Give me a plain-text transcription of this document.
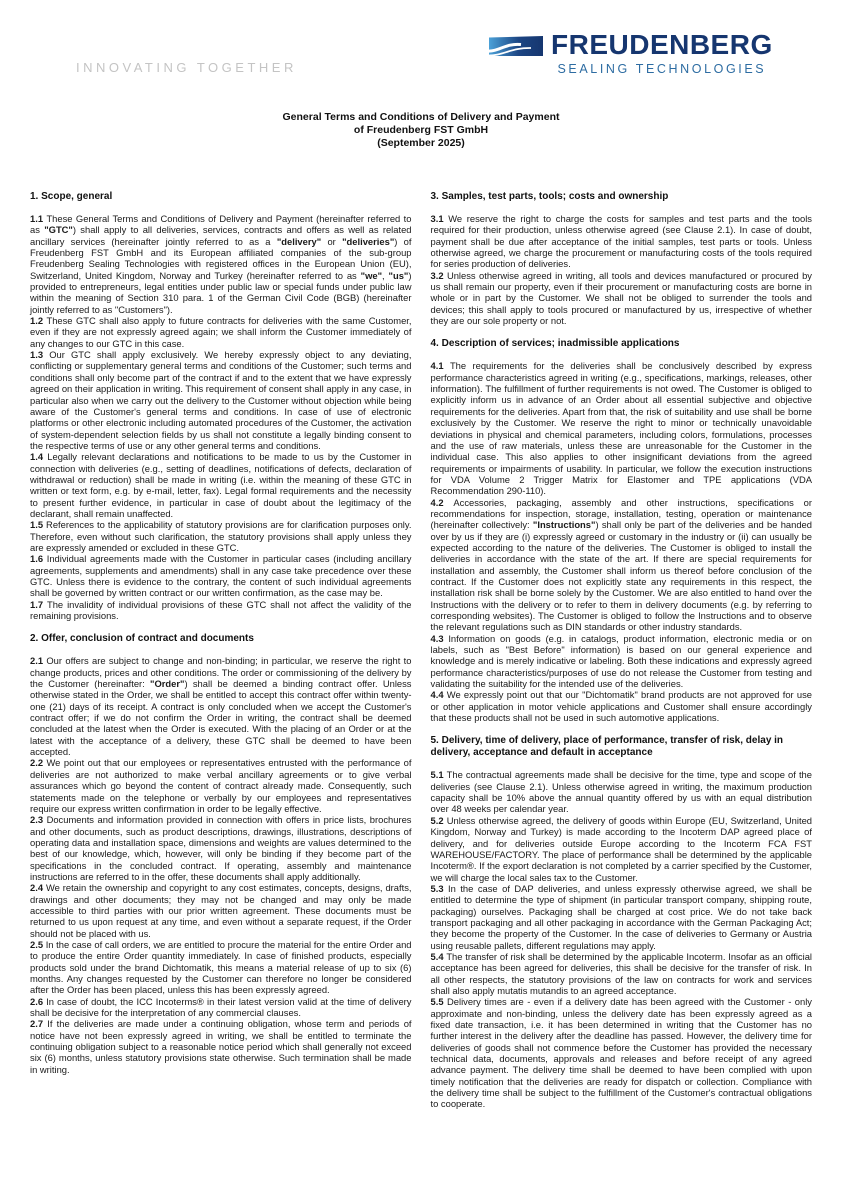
INNOVATING TOGETHER
FREUDENBERG
SEALING TECHNOLOGIES
General Terms and Conditions of Delivery and Payment
of Freudenberg FST GmbH
(September 2025)
1. Scope, general

1.1 These General Terms and Conditions of Delivery and Payment (hereinafter referred to as "GTC") shall apply to all deliveries, services, contracts and offers as well as related ancillary services (hereinafter jointly referred to as a "delivery" or "deliveries") of Freudenberg FST GmbH and its European affiliated companies of the sub-group Freudenberg Sealing Technologies with registered offices in the European Union (EU), Switzerland, United Kingdom, Norway and Turkey (hereinafter referred to as "we", "us") provided to entrepreneurs, legal entities under public law or special funds under public law within the meaning of Section 310 para. 1 of the German Civil Code (BGB) (hereinafter jointly referred to as "Customers").

1.2 These GTC shall also apply to future contracts for deliveries with the same Customer, even if they are not expressly agreed again; we shall inform the Customer immediately of any changes to our GTC in this case.

1.3 Our GTC shall apply exclusively. We hereby expressly object to any deviating, conflicting or supplementary general terms and conditions of the Customer; such terms and conditions shall only become part of the contract if and to the extent that we have expressly agreed on their application in writing. This requirement of consent shall apply in any case, in particular also when we carry out the delivery to the Customer without objection while being aware of the Customer's general terms and conditions. In case of use of electronic platforms or other electronic including automated procedures of the Customer, the activation of system-dependent selection fields by us shall not constitute a legally binding consent to the respective terms of use or any other general terms and conditions.

1.4 Legally relevant declarations and notifications to be made to us by the Customer in connection with deliveries (e.g., setting of deadlines, notifications of defects, declaration of withdrawal or reduction) shall be made in writing (i.e. within the meaning of these GTC in written or text form, e.g. by e-mail, letter, fax). Legal formal requirements and the necessity to present further evidence, in particular in case of doubt about the legitimacy of the declarant, shall remain unaffected.

1.5 References to the applicability of statutory provisions are for clarification purposes only. Therefore, even without such clarification, the statutory provisions shall apply unless they are expressly amended or excluded in these GTC.

1.6 Individual agreements made with the Customer in particular cases (including ancillary agreements, supplements and amendments) shall in any case take precedence over these GTC. Unless there is evidence to the contrary, the content of such individual agreements shall be governed by written contract or our written confirmation, as the case may be.

1.7 The invalidity of individual provisions of these GTC shall not affect the validity of the remaining provisions.

2. Offer, conclusion of contract and documents

2.1 Our offers are subject to change and non-binding; in particular, we reserve the right to change products, prices and other conditions. The order or commissioning of the delivery by the Customer (hereinafter: "Order") shall be deemed a binding contract offer. Unless otherwise stated in the Order, we shall be entitled to accept this contract offer within twenty-one (21) days of its receipt. A contract is only concluded when we accept the Customer's contract offer; if we do not confirm the Order in writing, the contract shall be deemed concluded at the latest when the Order is executed. With the placing of an Order or at the latest with the acceptance of a delivery, these GTC shall be deemed to have been accepted.

2.2 We point out that our employees or representatives entrusted with the performance of deliveries are not authorized to make verbal ancillary agreements or to give verbal assurances which go beyond the content of contract already made. Consequently, such statements made on the telephone or verbally by our employees and representatives require our express written confirmation in order to be legally effective.

2.3 Documents and information provided in connection with offers in price lists, brochures and other documents, such as product descriptions, drawings, illustrations, descriptions of operating data and installation space, dimensions and weights are values determined to the best of our knowledge, which, however, will only be binding if they become part of the specifications in the concluded contract. If operating, assembly and maintenance instructions are referred to in the offer, these documents shall apply additionally.

2.4 We retain the ownership and copyright to any cost estimates, concepts, designs, drafts, drawings and other documents; they may not be changed and may only be made accessible to third parties with our prior written agreement. These documents must be returned to us upon request at any time, and even without a separate request, if the Order should not be placed with us.

2.5 In the case of call orders, we are entitled to procure the material for the entire Order and to produce the entire Order quantity immediately. In case of finished products, especially products sold under the brand Dichtomatik, this means a material release of up to six (6) months. Any changes requested by the Customer can therefore no longer be considered after the Order has been placed, unless this has been expressly agreed.

2.6 In case of doubt, the ICC Incoterms® in their latest version valid at the time of delivery shall be decisive for the interpretation of any commercial clauses.

2.7 If the deliveries are made under a continuing obligation, whose term and periods of notice have not been expressly agreed in writing, we shall be entitled to terminate the continuing obligation subject to a reasonable notice period which shall generally not exceed six (6) months, unless statutory provisions state otherwise. Such termination shall be made in writing.

3. Samples, test parts, tools; costs and ownership

3.1 We reserve the right to charge the costs for samples and test parts and the tools required for their production, unless otherwise agreed (see Clause 2.1). In case of doubt, payment shall be due after acceptance of the initial samples, test parts or tools. Unless otherwise agreed, we charge the procurement or manufacturing costs of the tools required for series production of deliveries.

3.2 Unless otherwise agreed in writing, all tools and devices manufactured or procured by us shall remain our property, even if their procurement or manufacturing costs are borne in whole or in part by the Customer. We shall not be obliged to surrender the tools and devices; this shall apply to tools procured or manufactured by us, irrespective of whether they are our sole property or not.

4. Description of services; inadmissible applications

4.1 The requirements for the deliveries shall be conclusively described by express performance characteristics agreed in writing (e.g., specifications, markings, releases, other information). The fulfillment of further requirements is not owed. The Customer is obliged to explicitly inform us in advance of an Order about all essential subjective and objective requirements for the deliveries. Apart from that, the risk of suitability and use shall be borne exclusively by the Customer. We reserve the right to minor or technically unavoidable deviations in physical and chemical parameters, including colors, formulations, processes and the use of raw materials, unless these are unreasonable for the Customer in the individual case. This also applies to other insignificant deviations from the agreed requirements or impairments of usability. In particular, we follow the execution instructions for VDA Volume 2 Trigger Matrix for Elastomer and TPE applications (VDA Recommendation 290-110).

4.2 Accessories, packaging, assembly and other instructions, specifications or recommendations for inspection, storage, installation, testing, operation or maintenance (hereinafter collectively: "Instructions") shall only be part of the deliveries and be handed over by us if they are (i) expressly agreed or customary in the industry or (ii) can usually be expected according to the nature of the deliveries. The Customer is obliged to install the deliveries in accordance with the state of the art. If there are special requirements for installation and assembly, the Customer shall inform us thereof before conclusion of the contract. If the Customer does not explicitly state any requirements in this respect, the installation risk shall be borne solely by the Customer. We are also entitled to hand over the Instructions with the delivery or to refer to them in delivery documents (e.g. by referring to corresponding websites). The Customer is obliged to follow the Instructions and to observe the relevant regulations such as DIN standards or other industry standards.

4.3 Information on goods (e.g. in catalogs, product information, electronic media or on labels, such as "Best Before" information) is based on our general experience and knowledge and is merely indicative or labeling. Both these indications and expressly agreed performance characteristics/purposes of use do not release the Customer from testing and validating the suitability for the intended use of the deliveries.

4.4 We expressly point out that our "Dichtomatik" brand products are not approved for use or other application in motor vehicle applications and Customer shall ensure accordingly that these products shall not be used in such automotive applications.

5. Delivery, time of delivery, place of performance, transfer of risk, delay in delivery, acceptance and default in acceptance

5.1 The contractual agreements made shall be decisive for the time, type and scope of the deliveries (see Clause 2.1). Unless otherwise agreed in writing, the maximum production capacity shall be 10% above the annual quantity offered by us with an equal distribution over 48 weeks per calendar year.

5.2 Unless otherwise agreed, the delivery of goods within Europe (EU, Switzerland, United Kingdom, Norway and Turkey) is made according to the Incoterm DAP agreed place of delivery, and for deliveries outside Europe according to the Incoterm FCA FST WAREHOUSE/FACTORY. The place of performance shall be determined by the applicable Incoterm®. If the export declaration is not completed by a carrier specified by the Customer, we will charge the local sales tax to the Customer.

5.3 In the case of DAP deliveries, and unless expressly otherwise agreed, we shall be entitled to determine the type of shipment (in particular transport company, shipping route, packaging) ourselves. Packaging shall be charged at cost price. We do not take back transport packaging and all other packaging in accordance with the German Packaging Act; they become the property of the Customer. In the case of deliveries to Germany or Austria using reusable pallets, different regulations may apply.

5.4 The transfer of risk shall be determined by the applicable Incoterm. Insofar as an official acceptance has been agreed for deliveries, this shall be decisive for the transfer of risk. In all other respects, the statutory provisions of the law on contracts for work and services shall also apply mutatis mutandis to an agreed acceptance.

5.5 Delivery times are - even if a delivery date has been agreed with the Customer - only approximate and non-binding, unless the delivery date has been expressly agreed as a fixed date transaction, i.e. it has been determined in writing that the Customer has no further interest in the delivery after the deadline has passed. However, the delivery time for deliveries of goods shall not commence before the Customer has provided the necessary technical data, documents, approvals and releases and before receipt of any agreed advance payment. The delivery time shall be deemed to have been complied with upon timely notification that the deliveries are ready for dispatch or collection. Compliance with the delivery time shall be subject to the fulfillment of the Customer's contractual obligations to cooperate.
